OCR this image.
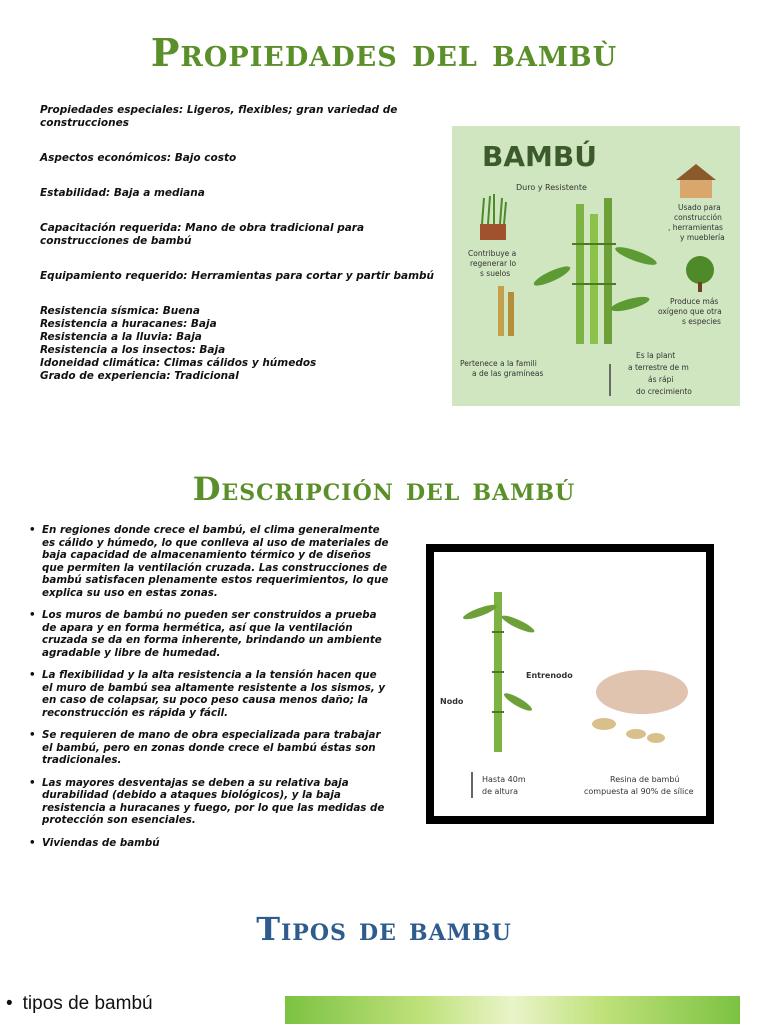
Propiedades del bambù

Propiedades especiales: Ligeros, flexibles; gran variedad de construcciones

Aspectos económicos: Bajo costo

Estabilidad: Baja a mediana

Capacitación requerida: Mano de obra tradicional para construcciones de bambú

Equipamiento requerido: Herramientas para cortar y partir bambú

Resistencia sísmica: Buena

Resistencia a huracanes: Baja

Resistencia a la lluvia: Baja

Resistencia a los insectos: Baja

Idoneidad climática: Climas cálidos y húmedos

Grado de experiencia: Tradicional

BAMBÚ
Duro y Resistente
Contribuye a regenerar lo s suelos
Usado para construcción , herramientas y mueblería
Produce más oxígeno que otra s especies
Pertenece a la famili a de las gramíneas
Es la plant a terrestre de m ás rápi do crecimiento
Descripción del bambú
• En regiones donde crece el bambú, el clima generalmente es cálido y húmedo, lo que conlleva al uso de materiales de baja capacidad de almacenamiento térmico y de diseños que permiten la ventilación cruzada. Las construcciones de bambú satisfacen plenamente estos requerimientos, lo que explica su uso en estas zonas.
• Los muros de bambú no pueden ser construidos a prueba de apara y en forma hermética, así que la ventilación cruzada se da en forma inherente, brindando un ambiente agradable y libre de humedad.
• La flexibilidad y la alta resistencia a la tensión hacen que el muro de bambú sea altamente resistente a los sismos, y en caso de colapsar, su poco peso causa menos daño; la reconstrucción es rápida y fácil.
• Se requieren de mano de obra especializada para trabajar el bambú, pero en zonas donde crece el bambú éstas son tradicionales.
• Las mayores desventajas se deben a su relativa baja durabilidad (debido a ataques biológicos), y la baja resistencia a huracanes y fuego, por lo que las medidas de protección son esenciales.
• Viviendas de bambú
Nodo
Entrenodo
Hasta 40m de altura
Resina de bambú compuesta al 90% de sílice
Tipos de bambu
• tipos de bambú
